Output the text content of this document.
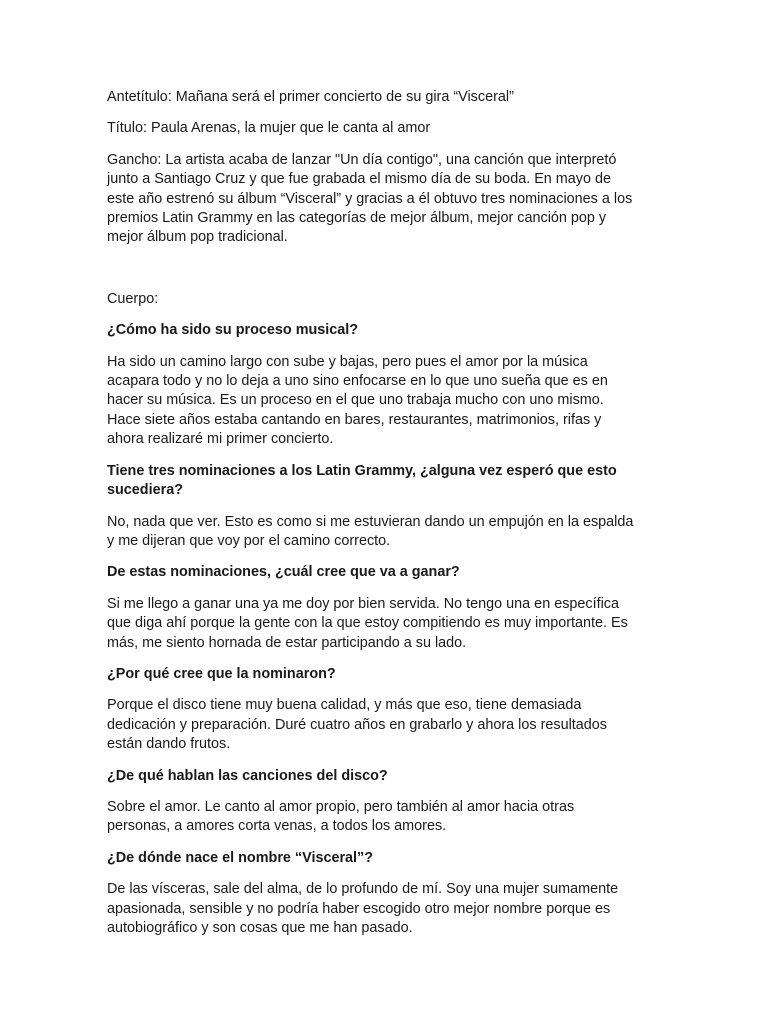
Antetítulo: Mañana será el primer concierto de su gira “Visceral”

Título: Paula Arenas, la mujer que le canta al amor

Gancho: La artista acaba de lanzar "Un día contigo", una canción que interpretó
junto a Santiago Cruz y que fue grabada el mismo día de su boda. En mayo de
este año estrenó su álbum “Visceral” y gracias a él obtuvo tres nominaciones a los
premios Latin Grammy en las categorías de mejor álbum, mejor canción pop y
mejor álbum pop tradicional.

Cuerpo:

¿Cómo ha sido su proceso musical?

Ha sido un camino largo con sube y bajas, pero pues el amor por la música
acapara todo y no lo deja a uno sino enfocarse en lo que uno sueña que es en
hacer su música. Es un proceso en el que uno trabaja mucho con uno mismo.
Hace siete años estaba cantando en bares, restaurantes, matrimonios, rifas y
ahora realizaré mi primer concierto.

Tiene tres nominaciones a los Latin Grammy, ¿alguna vez esperó que esto
sucediera?

No, nada que ver. Esto es como si me estuvieran dando un empujón en la espalda
y me dijeran que voy por el camino correcto.

De estas nominaciones, ¿cuál cree que va a ganar?

Si me llego a ganar una ya me doy por bien servida. No tengo una en específica
que diga ahí porque la gente con la que estoy compitiendo es muy importante. Es
más, me siento hornada de estar participando a su lado.

¿Por qué cree que la nominaron?

Porque el disco tiene muy buena calidad, y más que eso, tiene demasiada
dedicación y preparación. Duré cuatro años en grabarlo y ahora los resultados
están dando frutos.

¿De qué hablan las canciones del disco?

Sobre el amor. Le canto al amor propio, pero también al amor hacia otras
personas, a amores corta venas, a todos los amores.

¿De dónde nace el nombre “Visceral”?

De las vísceras, sale del alma, de lo profundo de mí. Soy una mujer sumamente
apasionada, sensible y no podría haber escogido otro mejor nombre porque es
autobiográfico y son cosas que me han pasado.
